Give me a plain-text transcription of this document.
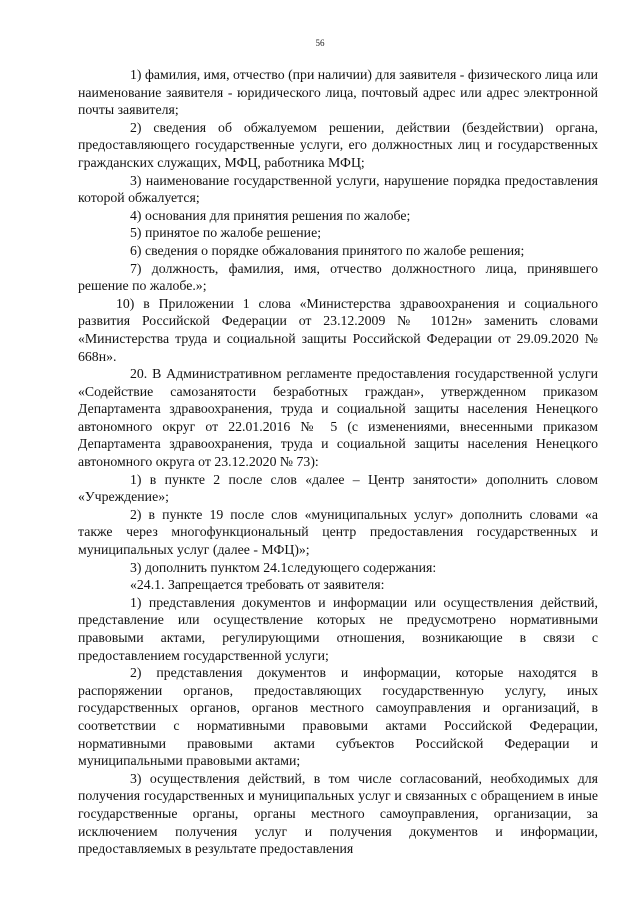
56

1) фамилия, имя, отчество (при наличии) для заявителя - физического лица или наименование заявителя - юридического лица, почтовый адрес или адрес электронной почты заявителя;

2) сведения об обжалуемом решении, действии (бездействии) органа, предоставляющего государственные услуги, его должностных лиц и государственных гражданских служащих, МФЦ, работника МФЦ;

3) наименование государственной услуги, нарушение порядка предоставления которой обжалуется;

4) основания для принятия решения по жалобе;

5) принятое по жалобе решение;

6) сведения о порядке обжалования принятого по жалобе решения;

7) должность, фамилия, имя, отчество должностного лица, принявшего решение по жалобе.»;

10) в Приложении 1 слова «Министерства здравоохранения и социального развития Российской Федерации от 23.12.2009 № 1012н» заменить словами «Министерства труда и социальной защиты Российской Федерации от 29.09.2020 № 668н».

20. В Административном регламенте предоставления государственной услуги «Содействие самозанятости безработных граждан», утвержденном приказом Департамента здравоохранения, труда и социальной защиты населения Ненецкого автономного округ от 22.01.2016 № 5 (с изменениями, внесенными приказом Департамента здравоохранения, труда и социальной защиты населения Ненецкого автономного округа от 23.12.2020 № 73):

1) в пункте 2 после слов «далее – Центр занятости» дополнить словом «Учреждение»;

2) в пункте 19 после слов «муниципальных услуг» дополнить словами «а также через многофункциональный центр предоставления государственных и муниципальных услуг (далее - МФЦ)»;

3) дополнить пунктом 24.1следующего содержания:

«24.1. Запрещается требовать от заявителя:

1) представления документов и информации или осуществления действий, представление или осуществление которых не предусмотрено нормативными правовыми актами, регулирующими отношения, возникающие в связи с предоставлением государственной услуги;

2) представления документов и информации, которые находятся в распоряжении органов, предоставляющих государственную услугу, иных государственных органов, органов местного самоуправления и организаций, в соответствии с нормативными правовыми актами Российской Федерации, нормативными правовыми актами субъектов Российской Федерации и муниципальными правовыми актами;

3) осуществления действий, в том числе согласований, необходимых для получения государственных и муниципальных услуг и связанных с обращением в иные государственные органы, органы местного самоуправления, организации, за исключением получения услуг и получения документов и информации, предоставляемых в результате предоставления
